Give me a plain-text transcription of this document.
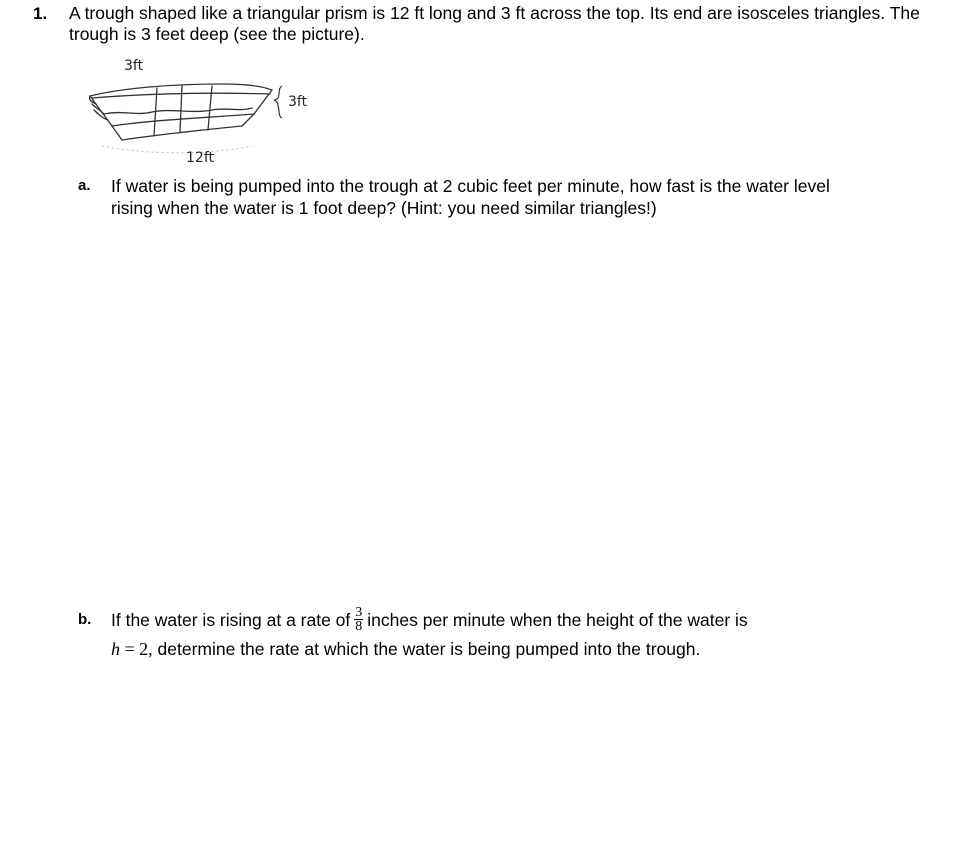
1. A trough shaped like a triangular prism is 12 ft long and 3 ft across the top. Its end are isosceles triangles. The trough is 3 feet deep (see the picture).
3ft
3ft
12ft
a. If water is being pumped into the trough at 2 cubic feet per minute, how fast is the water level rising when the water is 1 foot deep? (Hint: you need similar triangles!)
b. If the water is rising at a rate of $\frac{3}{8}$ inches per minute when the height of the water is
h = 2, determine the rate at which the water is being pumped into the trough.
